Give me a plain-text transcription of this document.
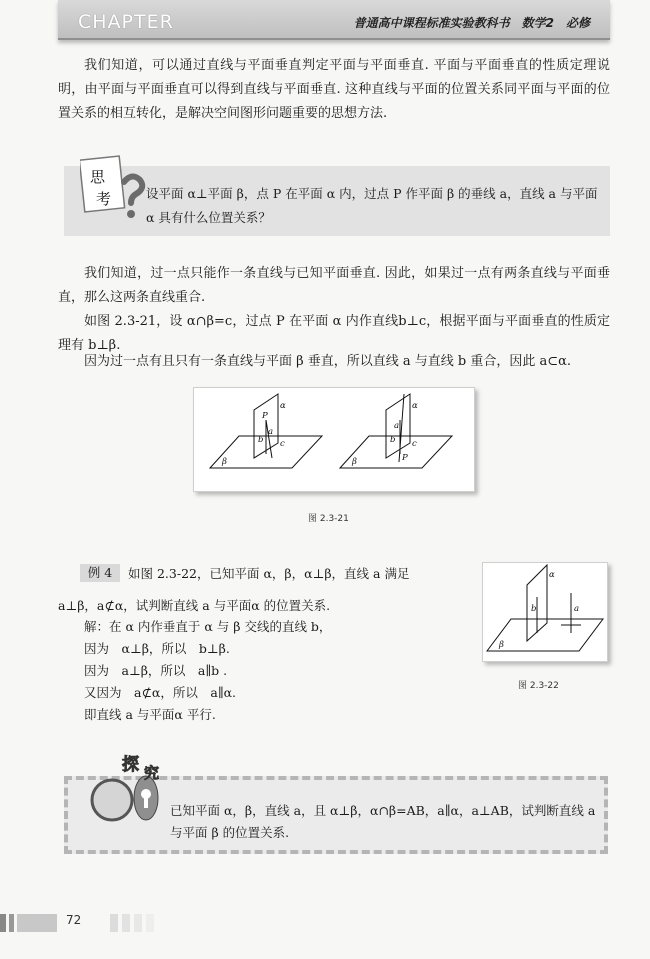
CHAPTER	普通高中课程标准实验教科书　数学2　必修

我们知道，可以通过直线与平面垂直判定平面与平面垂直. 平面与平面垂直的性质定理说明，由平面与平面垂直可以得到直线与平面垂直. 这种直线与平面的位置关系同平面与平面的位置关系的相互转化，是解决空间图形问题重要的思想方法.

思
考	设平面 α⊥平面 β，点 P 在平面 α 内，过点 P 作平面 β 的垂线 a，直线 a 与平面 α 具有什么位置关系？

我们知道，过一点只能作一条直线与已知平面垂直. 因此，如果过一点有两条直线与平面垂直，那么这两条直线重合.

如图 2.3-21，设 α∩β=c，过点 P 在平面 α 内作直线b⊥c，根据平面与平面垂直的性质定理有 b⊥β.

因为过一点有且只有一条直线与平面 β 垂直，所以直线 a 与直线 b 重合，因此 a⊂α.

α
P
a
b c
β
α
a
b c
P
β
图 2.3-21
例 4	如图 2.3-22，已知平面 α，β，α⊥β，直线 a 满足

a⊥β，a⊄α，试判断直线 a 与平面α 的位置关系.

解：在 α 内作垂直于 α 与 β 交线的直线 b，

因为　α⊥β，所以　b⊥β.

因为　a⊥β，所以　a∥b .

又因为　a⊄α，所以　a∥α.

即直线 a 与平面α 平行.

α
b	a
β
图 2.3-22
探 究

已知平面 α，β，直线 a，且 α⊥β，α∩β=AB，a∥α，a⊥AB，试判断直线 a 与平面 β 的位置关系.

72
